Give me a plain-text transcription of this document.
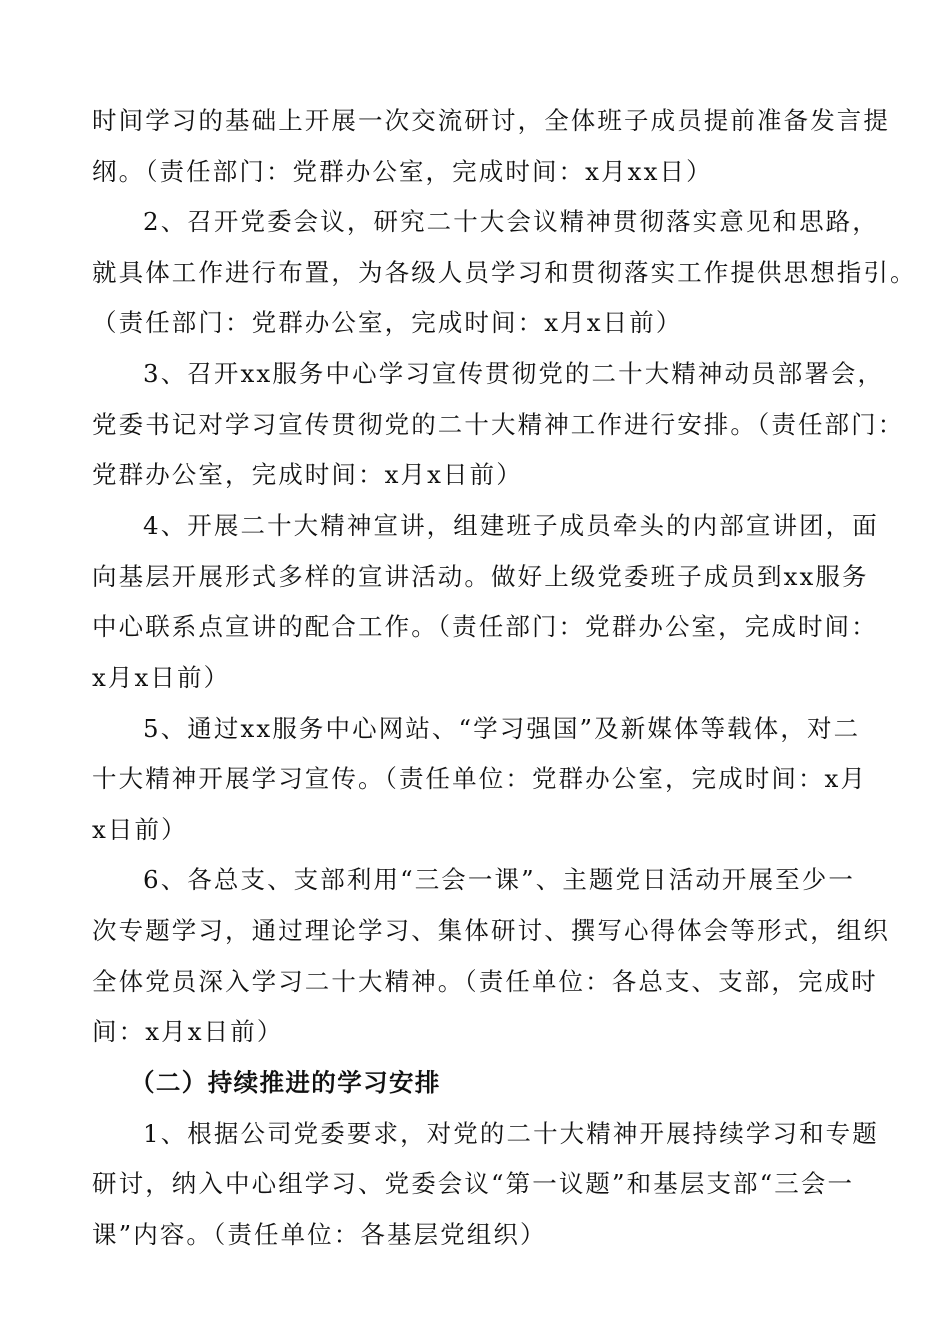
时间学习的基础上开展一次交流研讨，全体班子成员提前准备发言提
纲。（责任部门：党群办公室，完成时间：x月xx日）
2、召开党委会议，研究二十大会议精神贯彻落实意见和思路，
就具体工作进行布置，为各级人员学习和贯彻落实工作提供思想指引。
（责任部门：党群办公室，完成时间：x月x日前）
3、召开xx服务中心学习宣传贯彻党的二十大精神动员部署会，
党委书记对学习宣传贯彻党的二十大精神工作进行安排。（责任部门：
党群办公室，完成时间：x月x日前）
4、开展二十大精神宣讲，组建班子成员牵头的内部宣讲团，面
向基层开展形式多样的宣讲活动。做好上级党委班子成员到xx服务
中心联系点宣讲的配合工作。（责任部门：党群办公室，完成时间：
x月x日前）
5、通过xx服务中心网站、“学习强国”及新媒体等载体，对二
十大精神开展学习宣传。（责任单位：党群办公室，完成时间：x月
x日前）
6、各总支、支部利用“三会一课”、主题党日活动开展至少一
次专题学习，通过理论学习、集体研讨、撰写心得体会等形式，组织
全体党员深入学习二十大精神。（责任单位：各总支、支部，完成时
间：x月x日前）
（二）持续推进的学习安排
1、根据公司党委要求，对党的二十大精神开展持续学习和专题
研讨，纳入中心组学习、党委会议“第一议题”和基层支部“三会一
课”内容。（责任单位：各基层党组织）
